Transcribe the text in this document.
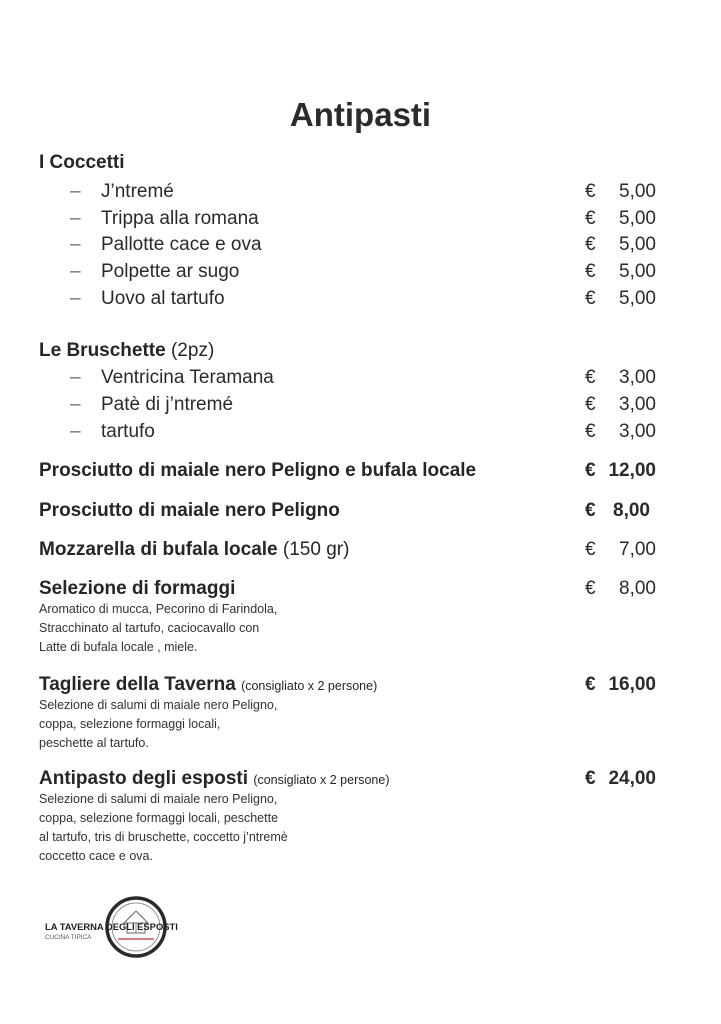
Antipasti
I Coccetti
– J’ntremé	€ 5,00
– Trippa alla romana	€ 5,00
– Pallotte cace e ova	€ 5,00
– Polpette ar sugo	€ 5,00
– Uovo al tartufo	€ 5,00
Le Bruschette (2pz)
– Ventricina Teramana	€ 3,00
– Patè di j’ntremé	€ 3,00
– tartufo	€ 3,00
Prosciutto di maiale nero Peligno e bufala locale	€ 12,00
Prosciutto di maiale nero Peligno	€ 8,00
Mozzarella di bufala locale (150 gr)	€ 7,00
Selezione di formaggi	€ 8,00
Aromatico di mucca, Pecorino di Farindola,
Stracchinato al tartufo, caciocavallo con
Latte di bufala locale , miele.
Tagliere della Taverna (consigliato x 2 persone)	€ 16,00
Selezione di salumi di maiale nero Peligno,
coppa, selezione formaggi locali,
peschette al tartufo.
Antipasto degli esposti (consigliato x 2 persone)	€ 24,00
Selezione di salumi di maiale nero Peligno,
coppa, selezione formaggi locali, peschette
al tartufo, tris di bruschette, coccetto j’ntremè
coccetto cace e ova.
LA TAVERNA DEGLI ESPOSTI
CUCINA TIPICA
